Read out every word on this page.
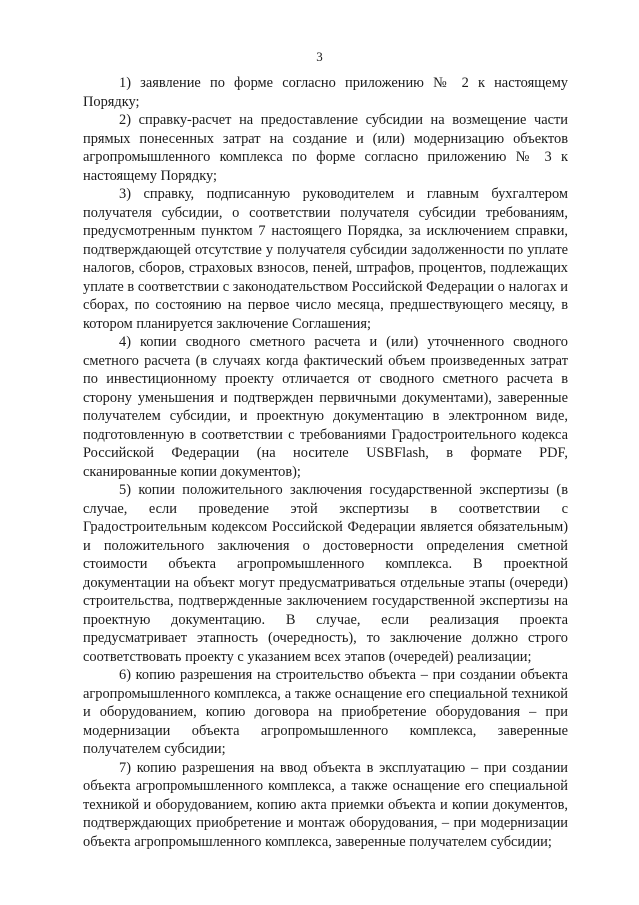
3

1) заявление по форме согласно приложению № 2 к настоящему Порядку;

2) справку-расчет на предоставление субсидии на возмещение части прямых понесенных затрат на создание и (или) модернизацию объектов агропромышленного комплекса по форме согласно приложению № 3 к настоящему Порядку;

3) справку, подписанную руководителем и главным бухгалтером получателя субсидии, о соответствии получателя субсидии требованиям, предусмотренным пунктом 7 настоящего Порядка, за исключением справки, подтверждающей отсутствие у получателя субсидии задолженности по уплате налогов, сборов, страховых взносов, пеней, штрафов, процентов, подлежащих уплате в соответствии с законодательством Российской Федерации о налогах и сборах, по состоянию на первое число месяца, предшествующего месяцу, в котором планируется заключение Соглашения;

4) копии сводного сметного расчета и (или) уточненного сводного сметного расчета (в случаях когда фактический объем произведенных затрат по инвестиционному проекту отличается от сводного сметного расчета в сторону уменьшения и подтвержден первичными документами), заверенные получателем субсидии, и проектную документацию в электронном виде, подготовленную в соответствии с требованиями Градостроительного кодекса Российской Федерации (на носителе USBFlash, в формате PDF, сканированные копии документов);

5) копии положительного заключения государственной экспертизы (в случае, если проведение этой экспертизы в соответствии с Градостроительным кодексом Российской Федерации является обязательным) и положительного заключения о достоверности определения сметной стоимости объекта агропромышленного комплекса. В проектной документации на объект могут предусматриваться отдельные этапы (очереди) строительства, подтвержденные заключением государственной экспертизы на проектную документацию. В случае, если реализация проекта предусматривает этапность (очередность), то заключение должно строго соответствовать проекту с указанием всех этапов (очередей) реализации;

6) копию разрешения на строительство объекта – при создании объекта агропромышленного комплекса, а также оснащение его специальной техникой и оборудованием, копию договора на приобретение оборудования – при модернизации объекта агропромышленного комплекса, заверенные получателем субсидии;

7) копию разрешения на ввод объекта в эксплуатацию – при создании объекта агропромышленного комплекса, а также оснащение его специальной техникой и оборудованием, копию акта приемки объекта и копии документов, подтверждающих приобретение и монтаж оборудования, – при модернизации объекта агропромышленного комплекса, заверенные получателем субсидии;
